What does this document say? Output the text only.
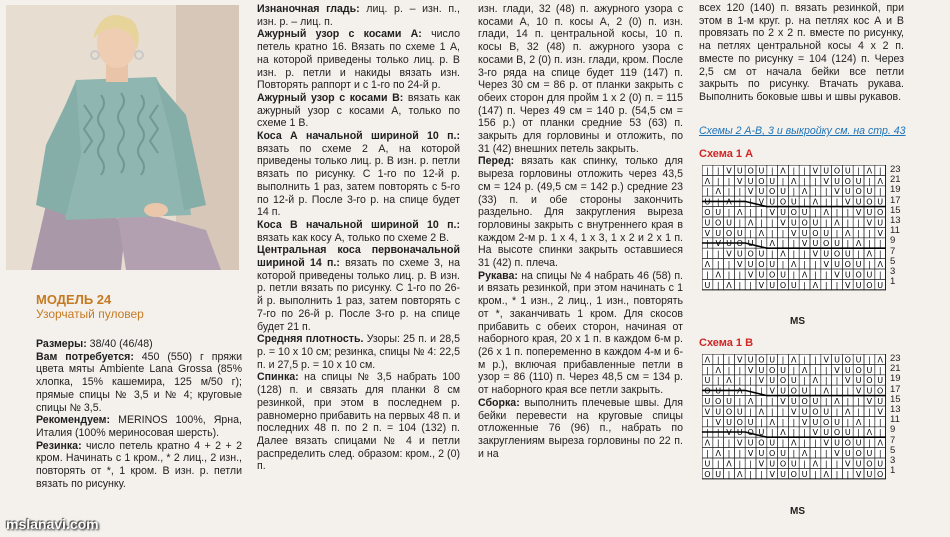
МОДЕЛЬ 24
Узорчатый пуловер

Размеры: 38/40 (46/48)

Вам потребуется: 450 (550) г пряжи цвета мяты Ambiente Lana Grossa (85% хлопка, 15% кашемира, 125 м/50 г); прямые спицы № 3,5 и № 4; круговые спицы № 3,5.

Рекомендуем: MERINOS 100%, Ярна, Италия (100% мериносовая шерсть).

Резинка: число петель кратно 4 + 2 + 2 кром. Начинать с 1 кром., * 2 лиц., 2 изн., повторять от *, 1 кром. В изн. р. петли вязать по рисунку.

Изнаночная гладь: лиц. р. – изн. п., изн. р. – лиц. п.

Ажурный узор с косами А: число петель кратно 16. Вязать по схеме 1 А, на которой приведены только лиц. р. В изн. р. петли и накиды вязать изн. Повторять раппорт и с 1-го по 24-й р.

Ажурный узор с косами В: вязать как ажурный узор с косами А, только по схеме 1 В.

Коса А начальной шириной 10 п.: вязать по схеме 2 А, на которой приведены только лиц. р. В изн. р. петли вязать по рисунку. С 1-го по 12-й р. выполнить 1 раз, затем повторять с 5-го по 12-й р. После 3-го р. на спице будет 14 п.

Коса В начальной шириной 10 п.: вязать как косу А, только по схеме 2 В.

Центральная коса первоначальной шириной 14 п.: вязать по схеме 3, на которой приведены только лиц. р. В изн. р. петли вязать по рисунку. С 1-го по 26-й р. выполнить 1 раз, затем повторять с 7-го по 26-й р. После 3-го р. на спице будет 21 п.

Средняя плотность. Узоры: 25 п. и 28,5 р. = 10 х 10 см; резинка, спицы № 4: 22,5 п. и 27,5 р. = 10 х 10 см.

Спинка: на спицы № 3,5 набрать 100 (128) п. и связать для планки 8 см резинкой, при этом в последнем р. равномерно прибавить на первых 48 п. и последних 48 п. по 2 п. = 104 (132) п. Далее вязать спицами № 4 и петли распределить след. образом: кром., 2 (0) п.

изн. глади, 32 (48) п. ажурного узора с косами А, 10 п. косы А, 2 (0) п. изн. глади, 14 п. центральной косы, 10 п. косы В, 32 (48) п. ажурного узора с косами В, 2 (0) п. изн. глади, кром. После 3-го ряда на спице будет 119 (147) п. Через 30 см = 86 р. от планки закрыть с обеих сторон для пройм 1 х 2 (0) п. = 115 (147) п. Через 49 см = 140 р. (54,5 см = 156 р.) от планки средние 53 (63) п. закрыть для горловины и отложить, по 31 (42) внешних петель закрыть.

Перед: вязать как спинку, только для выреза горловины отложить через 43,5 см = 124 р. (49,5 см = 142 р.) средние 23 (33) п. и обе стороны закончить раздельно. Для закругления выреза горловины закрыть с внутреннего края в каждом 2-м р. 1 х 4, 1 х 3, 1 х 2 и 2 х 1 п. На высоте спинки закрыть оставшиеся 31 (42) п. плеча.

Рукава: на спицы № 4 набрать 46 (58) п. и вязать резинкой, при этом начинать с 1 кром., * 1 изн., 2 лиц., 1 изн., повторять от *, заканчивать 1 кром. Для скосов прибавить с обеих сторон, начиная от наборного края, 20 х 1 п. в каждом 6-м р. (26 х 1 п. попеременно в каждом 4-м и 6-м р.), включая прибавленные петли в узор = 86 (110) п. Через 48,5 см = 134 р. от наборного края все петли закрыть.

Сборка: выполнить плечевые швы. Для бейки перевести на круговые спицы отложенные 76 (96) п., набрать по закруглениям выреза горловины по 22 п. и на

всех 120 (140) п. вязать резинкой, при этом в 1-м круг. р. на петлях кос А и В провязать по 2 х 2 п. вместе по рисунку, на петлях центральной косы 4 х 2 п. вместе по рисунку = 104 (124) п. Через 2,5 см от начала бейки все петли закрыть по рисунку. Втачать рукава. Выполнить боковые швы и швы рукавов.

Схемы 2 А-В, 3 и выкройку см. на стр. 43
Схема 1 А
| | V U O U | Λ | | V U O U | Λ |
Λ | | V U O U | Λ | | V U O U | Λ
| Λ | | V U O U | Λ | | V U O U |
U | Λ | | V U O U | Λ | | V U O U
O U | Λ | | V U O U | Λ | | V U O
U O U | Λ | | V U O U | Λ | | V U
V U O U | Λ | | V U O U | Λ | | V
| V U O U | Λ | | V U O U | Λ | |
| | V U O U | Λ | | V U O U | Λ |
Λ | | V U O U | Λ | | V U O U | Λ
| Λ | | V U O U | Λ | | V U O U |
U | Λ | | V U O U | Λ | | V U O U
23
21
19
17
15
13
11
9
7
5
3
1
MS
Схема 1 В
Λ | | V U O U | Λ | | V U O U | Λ
| Λ | | V U O U | Λ | | V U O U |
U | Λ | | V U O U | Λ | | V U O U
O U | Λ | | V U O U | Λ | | V U O
U O U | Λ | | V U O U | Λ | | V U
V U O U | Λ | | V U O U | Λ | | V
| V U O U | Λ | | V U O U | Λ | |
| | V U O U | Λ | | V U O U | Λ |
Λ | | V U O U | Λ | | V U O U | Λ
| Λ | | V U O U | Λ | | V U O U |
U | Λ | | V U O U | Λ | | V U O U
O U | Λ | | V U O U | Λ | | V U O
23
21
19
17
15
13
11
9
7
5
3
1
MS
mslanavi.com
